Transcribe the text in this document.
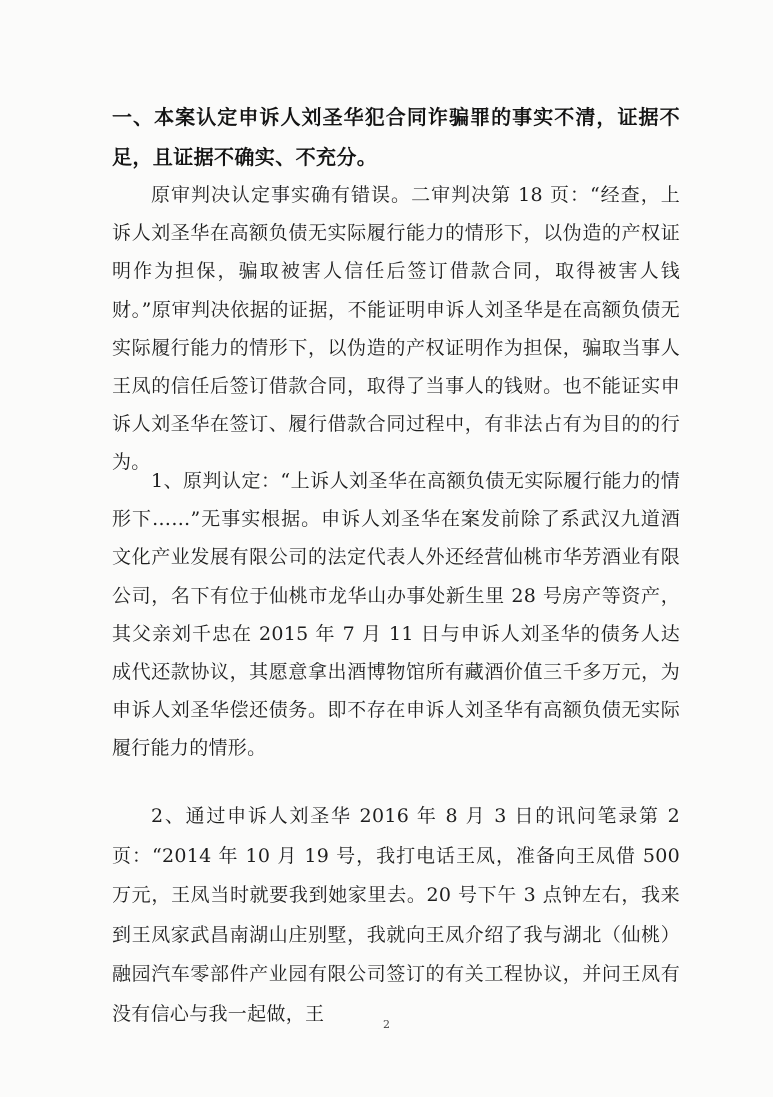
一、本案认定申诉人刘圣华犯合同诈骗罪的事实不清，证据不足，且证据不确实、不充分。
原审判决认定事实确有错误。二审判决第 18 页：“经查，上诉人刘圣华在高额负债无实际履行能力的情形下，以伪造的产权证明作为担保，骗取被害人信任后签订借款合同，取得被害人钱财。”原审判决依据的证据，不能证明申诉人刘圣华是在高额负债无实际履行能力的情形下，以伪造的产权证明作为担保，骗取当事人王凤的信任后签订借款合同，取得了当事人的钱财。也不能证实申诉人刘圣华在签订、履行借款合同过程中，有非法占有为目的的行为。
1、原判认定：“上诉人刘圣华在高额负债无实际履行能力的情形下……”无事实根据。申诉人刘圣华在案发前除了系武汉九道酒文化产业发展有限公司的法定代表人外还经营仙桃市华芳酒业有限公司，名下有位于仙桃市龙华山办事处新生里 28 号房产等资产，其父亲刘千忠在 2015 年 7 月 11 日与申诉人刘圣华的债务人达成代还款协议，其愿意拿出酒博物馆所有藏酒价值三千多万元，为申诉人刘圣华偿还债务。即不存在申诉人刘圣华有高额负债无实际履行能力的情形。
2、通过申诉人刘圣华 2016 年 8 月 3 日的讯问笔录第 2 页：“2014 年 10 月 19 号，我打电话王凤，准备向王凤借 500 万元，王凤当时就要我到她家里去。20 号下午 3 点钟左右，我来到王凤家武昌南湖山庄别墅，我就向王凤介绍了我与湖北（仙桃）融园汽车零部件产业园有限公司签订的有关工程协议，并问王凤有没有信心与我一起做，王	2
